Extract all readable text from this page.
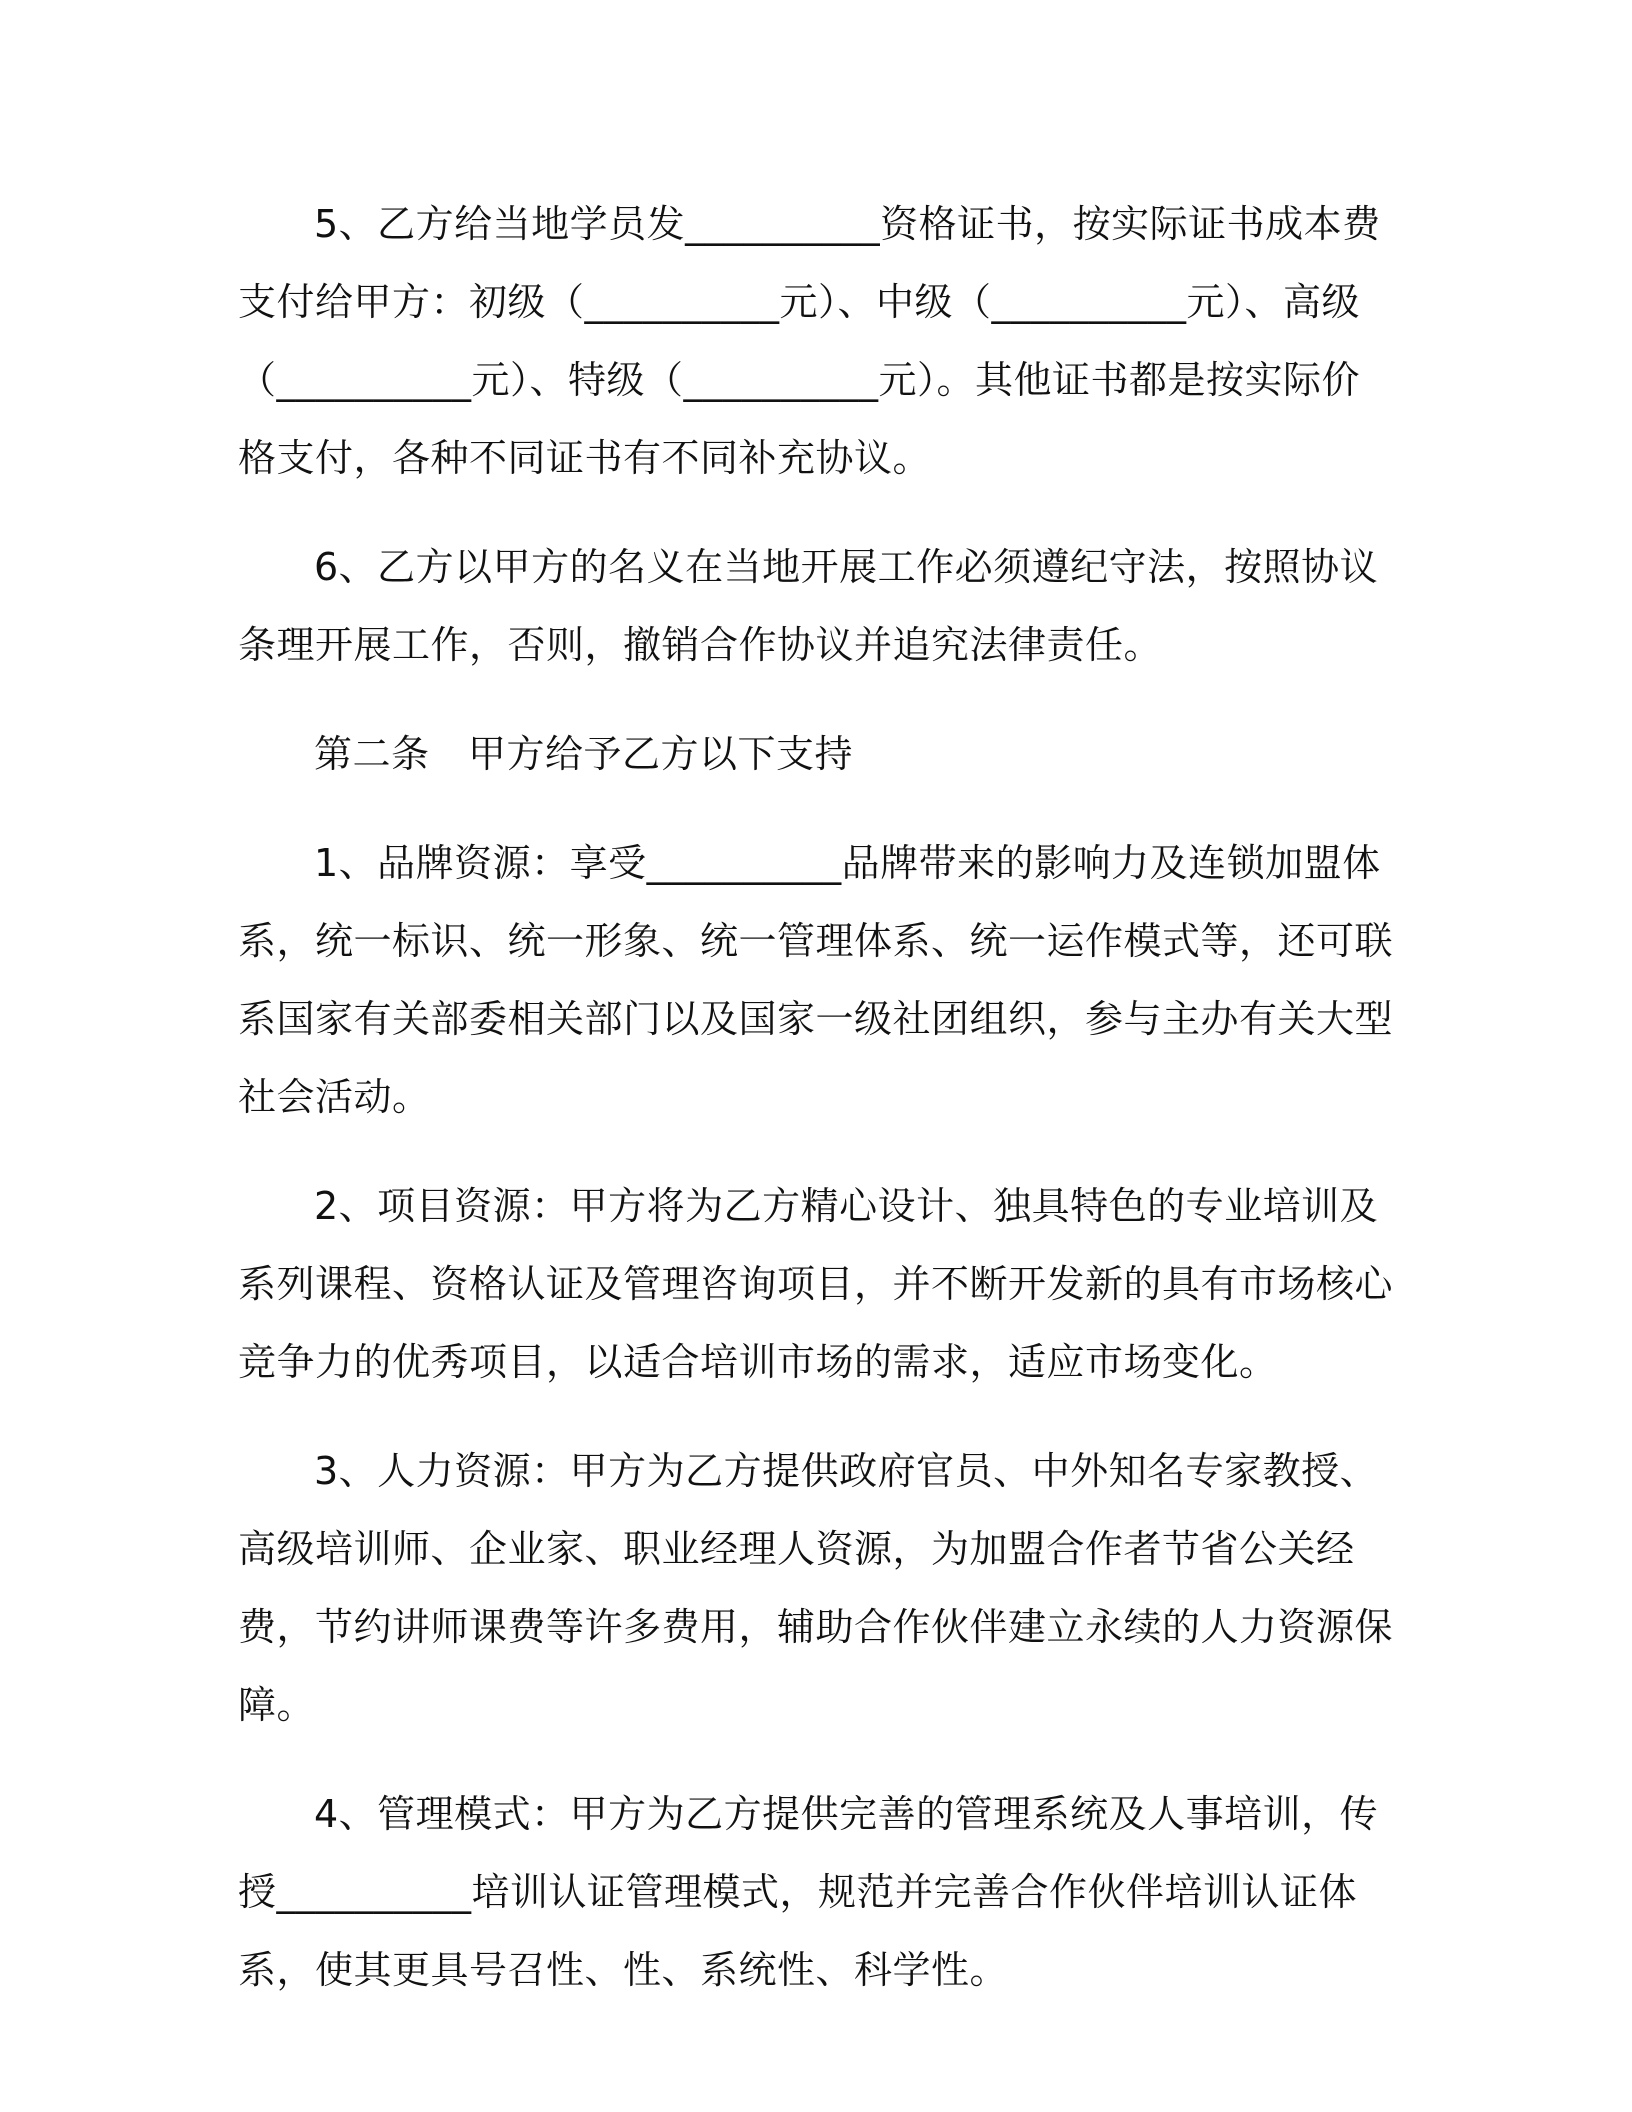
5、乙方给当地学员发__________资格证书，按实际证书成本费支付给甲方：初级（__________元）、中级（__________元）、高级（__________元）、特级（__________元）。其他证书都是按实际价格支付，各种不同证书有不同补充协议。

6、乙方以甲方的名义在当地开展工作必须遵纪守法，按照协议条理开展工作，否则，撤销合作协议并追究法律责任。

第二条　甲方给予乙方以下支持

1、品牌资源：享受__________品牌带来的影响力及连锁加盟体系，统一标识、统一形象、统一管理体系、统一运作模式等，还可联系国家有关部委相关部门以及国家一级社团组织，参与主办有关大型社会活动。

2、项目资源：甲方将为乙方精心设计、独具特色的专业培训及系列课程、资格认证及管理咨询项目，并不断开发新的具有市场核心竞争力的优秀项目，以适合培训市场的需求，适应市场变化。

3、人力资源：甲方为乙方提供政府官员、中外知名专家教授、高级培训师、企业家、职业经理人资源，为加盟合作者节省公关经费，节约讲师课费等许多费用，辅助合作伙伴建立永续的人力资源保障。

4、管理模式：甲方为乙方提供完善的管理系统及人事培训，传授__________培训认证管理模式，规范并完善合作伙伴培训认证体系，使其更具号召性、性、系统性、科学性。
